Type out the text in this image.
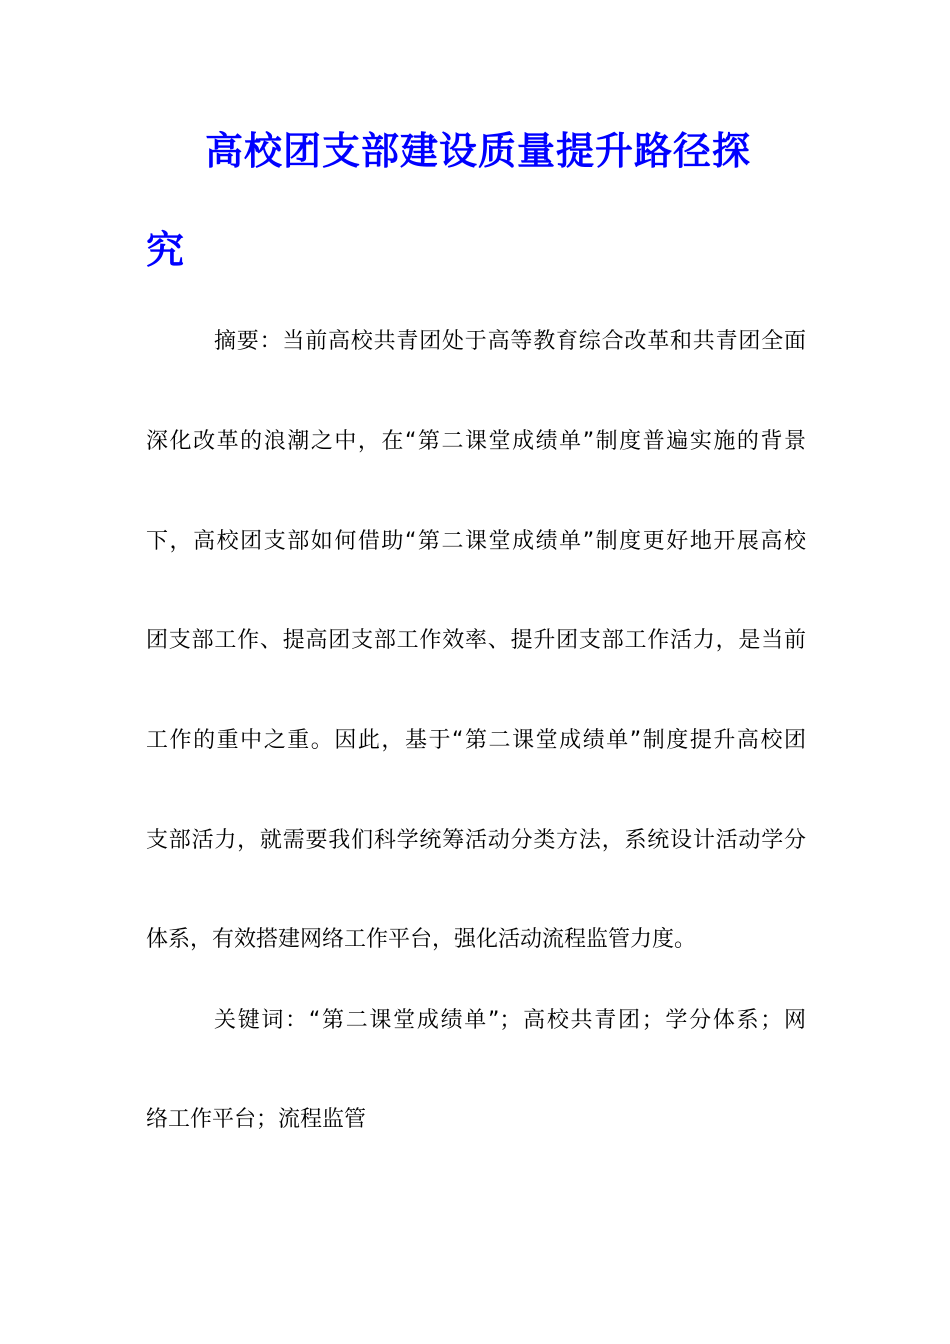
高校团支部建设质量提升路径探
究

摘要：当前高校共青团处于高等教育综合改革和共青团全面

深化改革的浪潮之中，在“第二课堂成绩单”制度普遍实施的背景

下，高校团支部如何借助“第二课堂成绩单”制度更好地开展高校

团支部工作、提高团支部工作效率、提升团支部工作活力，是当前

工作的重中之重。因此，基于“第二课堂成绩单”制度提升高校团

支部活力，就需要我们科学统筹活动分类方法，系统设计活动学分

体系，有效搭建网络工作平台，强化活动流程监管力度。

关键词：“第二课堂成绩单”；高校共青团；学分体系；网

络工作平台；流程监管
